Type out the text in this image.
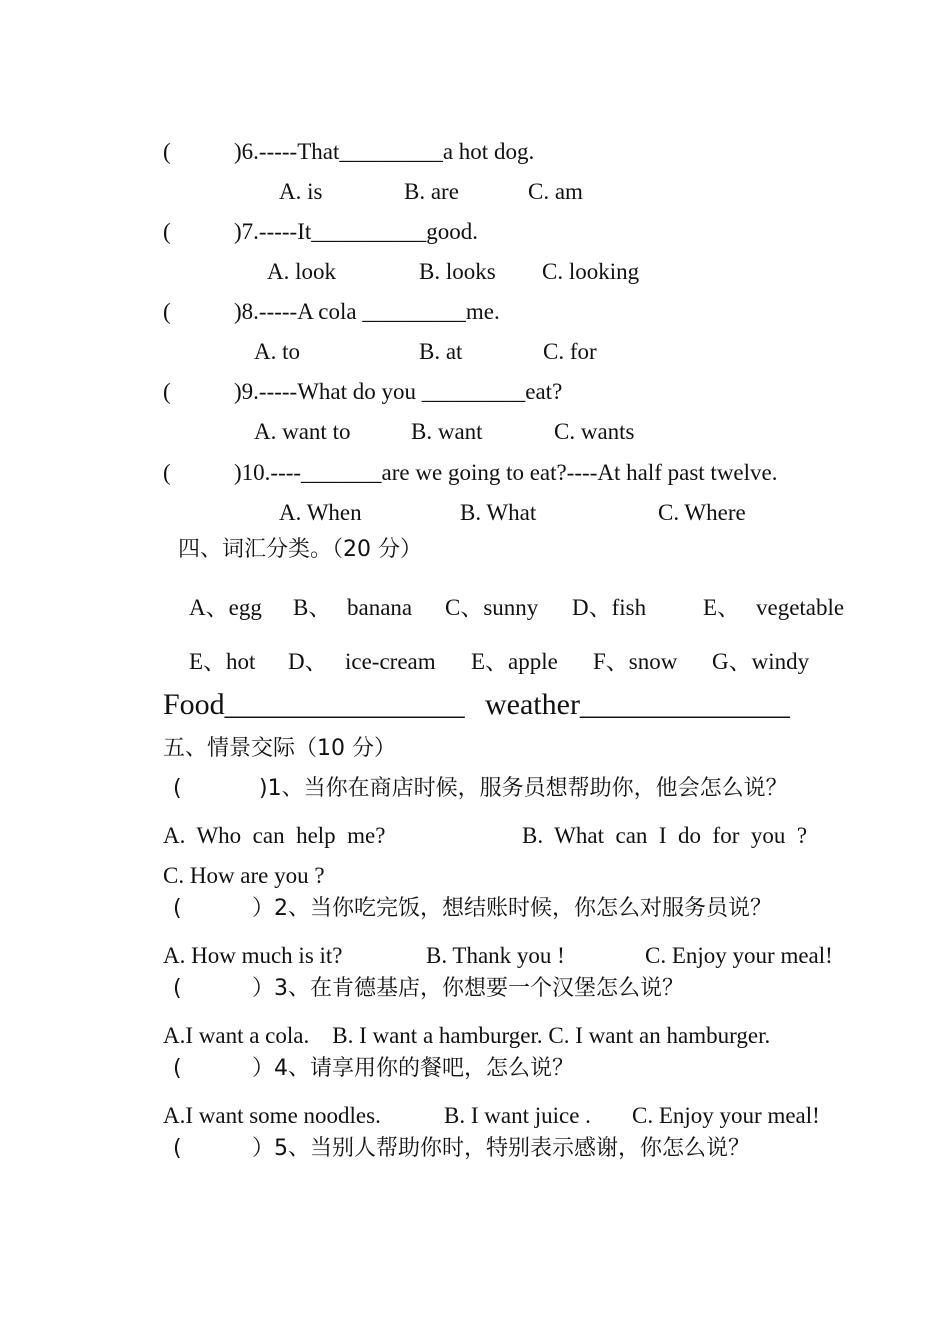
(	)6.-----That_________a hot dog.
A. is	B. are	C. am
(	)7.-----It__________good.
A. look	B. looks C. looking
(	)8.-----A cola _________me.
A. to	B. at	C. for
(	)9.-----What do you _________eat?
A. want to	B. want	C. wants
(	)10.----_______are we going to eat?----At half past twelve.
A. When	B. What	C. Where
四、词汇分类。（20 分）
A、egg B、 banana C、sunny D、fish E、 vegetable
E、hot D、 ice-cream E、apple F、snow G、windy
Food________________ weather______________
五、情景交际（10 分）
(	)1、当你在商店时候，服务员想帮助你，他会怎么说？
A.  Who  can  help  me?	B.  What  can  I  do  for  you  ?
C. How are you ?
(	）2、当你吃完饭，想结账时候，你怎么对服务员说？
A. How much is it?	B. Thank you !	C. Enjoy your meal!
(	）3、在肯德基店，你想要一个汉堡怎么说？
A.I want a cola.    B. I want a hamburger. C. I want an hamburger.
(	）4、请享用你的餐吧，怎么说？
A.I want some noodles.	B. I want juice . C. Enjoy your meal!
(	）5、当别人帮助你时，特别表示感谢，你怎么说？
